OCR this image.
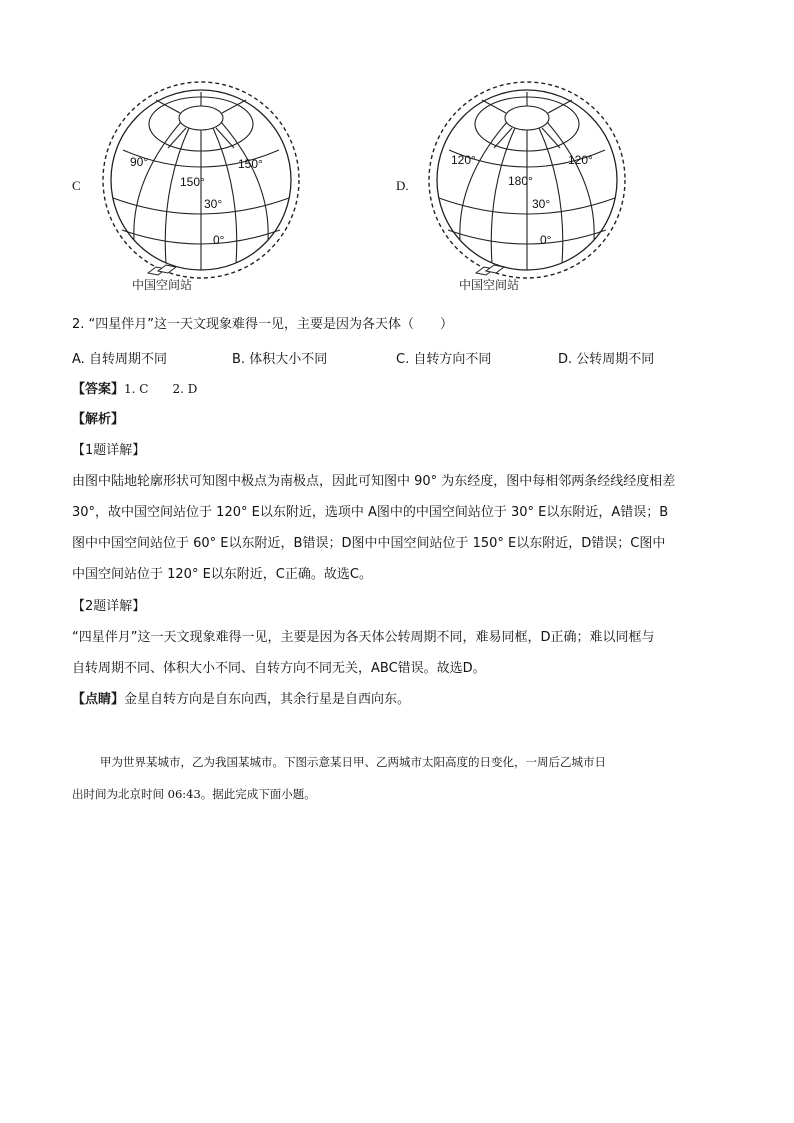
C
90°	150°
150°
30°
0°
中国空间站
D.
120°	120°
180°
30°
0°
中国空间站
2. “四星伴月”这一天文现象难得一见，主要是因为各天体（　　）
A. 自转周期不同	B. 体积大小不同	C. 自转方向不同	D. 公转周期不同
【答案】1. C　　2. D
【解析】
【1题详解】
由图中陆地轮廓形状可知图中极点为南极点，因此可知图中 90° 为东经度，图中每相邻两条经线经度相差
30°，故中国空间站位于 120° E以东附近，选项中 A图中的中国空间站位于 30° E以东附近，A错误；B
图中中国空间站位于 60° E以东附近，B错误；D图中中国空间站位于 150° E以东附近，D错误；C图中
中国空间站位于 120° E以东附近，C正确。故选C。
【2题详解】
“四星伴月”这一天文现象难得一见，主要是因为各天体公转周期不同，难易同框，D正确；难以同框与
自转周期不同、体积大小不同、自转方向不同无关，ABC错误。故选D。
【点睛】金星自转方向是自东向西，其余行星是自西向东。
甲为世界某城市，乙为我国某城市。下图示意某日甲、乙两城市太阳高度的日变化，一周后乙城市日
出时间为北京时间 06:43。据此完成下面小题。
